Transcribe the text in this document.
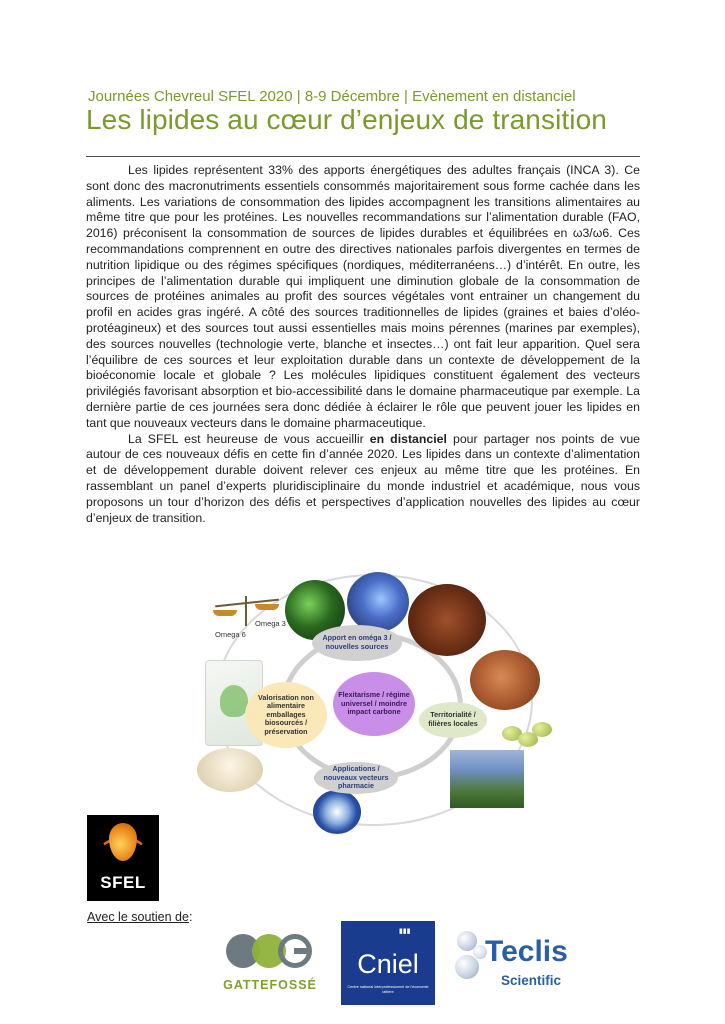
Journées Chevreul SFEL 2020 | 8-9 Décembre | Evènement en distanciel
Les lipides au cœur d’enjeux de transition

Les lipides représentent 33% des apports énergétiques des adultes français (INCA 3). Ce sont donc des macronutriments essentiels consommés majoritairement sous forme cachée dans les aliments. Les variations de consommation des lipides accompagnent les transitions alimentaires au même titre que pour les protéines. Les nouvelles recommandations sur l’alimentation durable (FAO, 2016) préconisent la consommation de sources de lipides durables et équilibrées en ω3/ω6. Ces recommandations comprennent en outre des directives nationales parfois divergentes en termes de nutrition lipidique ou des régimes spécifiques (nordiques, méditerranéens…) d’intérêt. En outre, les principes de l’alimentation durable qui impliquent une diminution globale de la consommation de sources de protéines animales au profit des sources végétales vont entrainer un changement du profil en acides gras ingéré. A côté des sources traditionnelles de lipides (graines et baies d’oléo-protéagineux) et des sources tout aussi essentielles mais moins pérennes (marines par exemples), des sources nouvelles (technologie verte, blanche et insectes…) ont fait leur apparition. Quel sera l’équilibre de ces sources et leur exploitation durable dans un contexte de développement de la bioéconomie locale et globale ? Les molécules lipidiques constituent également des vecteurs privilégiés favorisant absorption et bio-accessibilité dans le domaine pharmaceutique par exemple. La dernière partie de ces journées sera donc dédiée à éclairer le rôle que peuvent jouer les lipides en tant que nouveaux vecteurs dans le domaine pharmaceutique.

La SFEL est heureuse de vous accueillir en distanciel pour partager nos points de vue autour de ces nouveaux défis en cette fin d’année 2020. Les lipides dans un contexte d’alimentation et de développement durable doivent relever ces enjeux au même titre que les protéines. En rassemblant un panel d’experts pluridisciplinaire du monde industriel et académique, nous vous proposons un tour d’horizon des défis et perspectives d’application nouvelles des lipides au cœur d’enjeux de transition.

Omega 3
Omega 6	Apport en oméga 3 / nouvelles sources
Flexitarisme / régime universel / moindre impact carbone
Valorisation non alimentaire emballages biosourcés / préservation
Territorialité / filières locales
Applications / nouveaux vecteurs pharmacie
SFEL
Avec le soutien de:
GATTEFOSSÉ
▮▮▮
Cniel
Centre national interprofessionnel de l'économie laitière
Teclis
Scientific
